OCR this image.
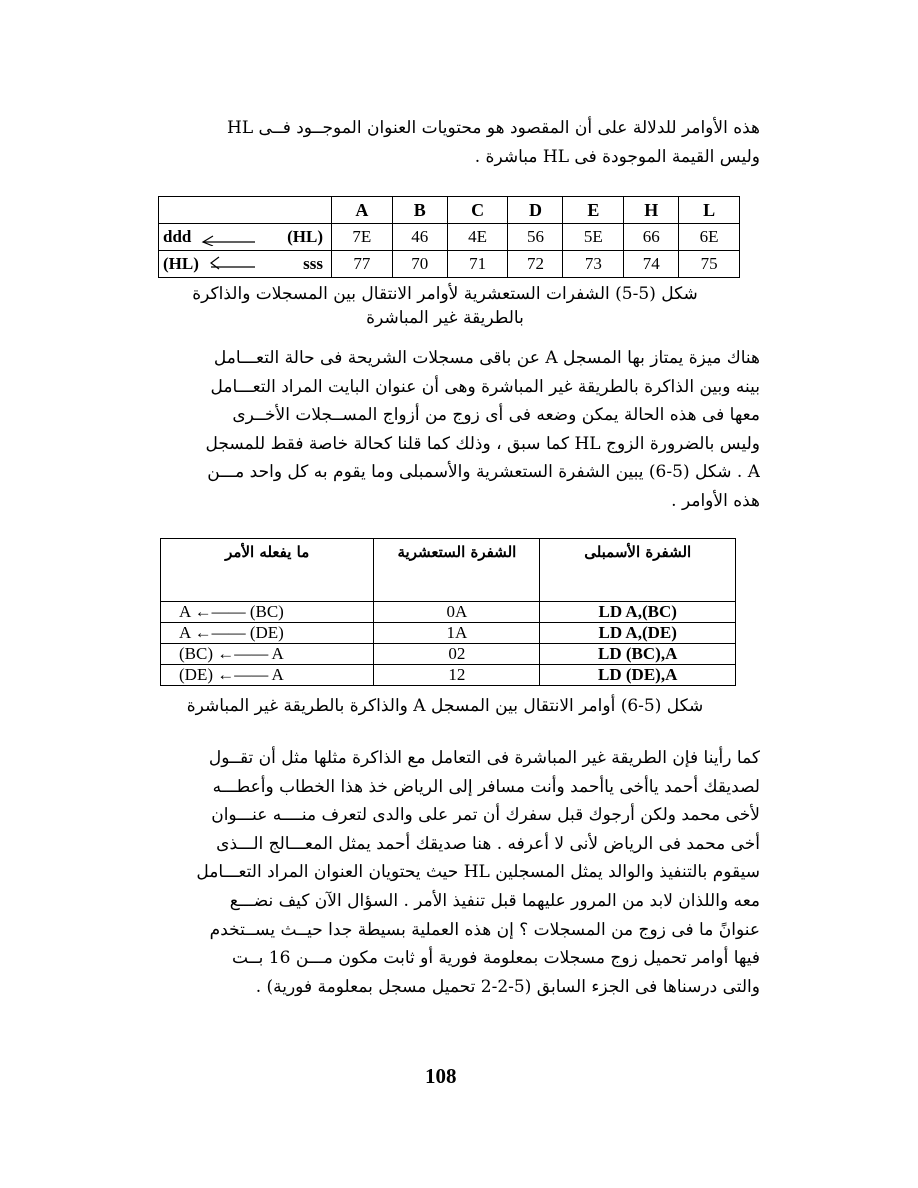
هذه الأوامر للدلالة على أن المقصود هو محتويات العنوان الموجــود فــى HL
وليس القيمة الموجودة فى HL مباشرة .
	A	B	C	D	E	H	L

ddd (HL)	7E	46	4E	56	5E	66	6E

(HL) sss	77	70	71	72	73	74	75
شكل (5-5) الشفرات الستعشرية لأوامر الانتقال بين المسجلات والذاكرة
بالطريقة غير المباشرة
هناك ميزة يمتاز بها المسجل A عن باقى مسجلات الشريحة فى حالة التعـــامل
بينه وبين الذاكرة بالطريقة غير المباشرة وهى أن عنوان البايت المراد التعـــامل
معها فى هذه الحالة يمكن وضعه فى أى زوج من أزواج المســجلات الأخــرى
وليس بالضرورة الزوج HL كما سبق ، وذلك كما قلنا كحالة خاصة فقط للمسجل
A . شكل (5-6) يبين الشفرة الستعشرية والأسمبلى وما يقوم به كل واحد مـــن
هذه الأوامر .
الشفرة الأسمبلى	الشفرة الستعشرية	ما يفعله الأمر
LD A,(BC)	0A	A ←—— (BC)
LD A,(DE)	1A	A ←—— (DE)
LD (BC),A	02	(BC) ←—— A
LD (DE),A	12	(DE) ←—— A
شكل (5-6) أوامر الانتقال بين المسجل A والذاكرة بالطريقة غير المباشرة
كما رأينا فإن الطريقة غير المباشرة فى التعامل مع الذاكرة مثلها مثل أن تقــول
لصديقك أحمد ياأخى ياأحمد وأنت مسافر إلى الرياض خذ هذا الخطاب وأعطـــه
لأخى محمد ولكن أرجوك قبل سفرك أن تمر على والدى لتعرف منــــه عنـــوان
أخى محمد فى الرياض لأنى لا أعرفه . هنا صديقك أحمد يمثل المعـــالج الـــذى
سيقوم بالتنفيذ والوالد يمثل المسجلين HL حيث يحتويان العنوان المراد التعـــامل
معه واللذان لابد من المرور عليهما قبل تنفيذ الأمر . السؤال الآن كيف نضـــع
عنوانً ما فى زوج من المسجلات ؟ إن هذه العملية بسيطة جدا حيــث يســتخدم
فيها أوامر تحميل زوج مسجلات بمعلومة فورية أو ثابت مكون مـــن 16 بــت
والتى درسناها فى الجزء السابق (5-2-2 تحميل مسجل بمعلومة فورية) .
108
